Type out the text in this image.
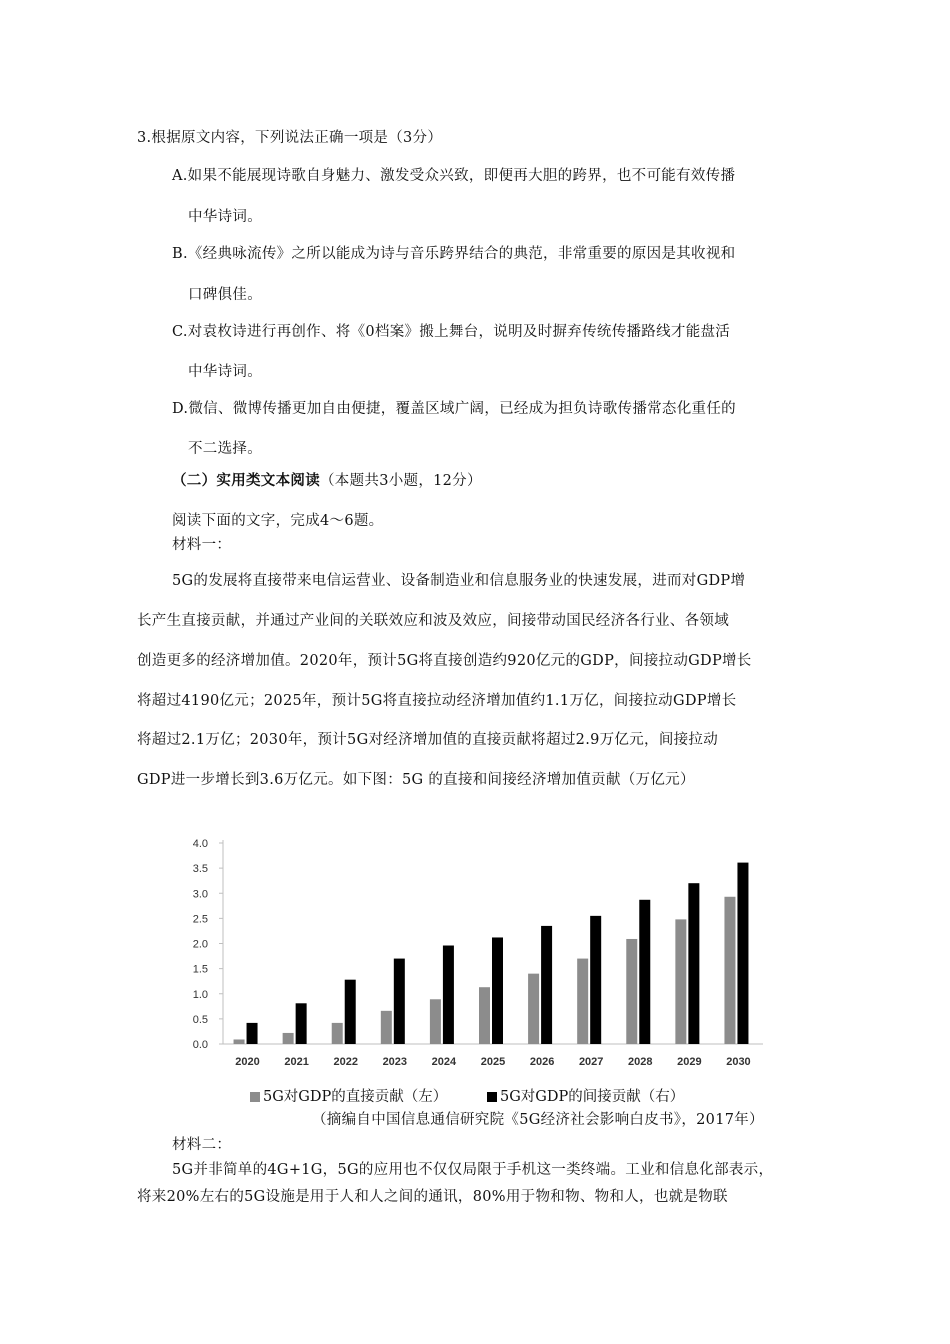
3.根据原文内容，下列说法正确一项是（3分）
A.如果不能展现诗歌自身魅力、激发受众兴致，即便再大胆的跨界，也不可能有效传播
中华诗词。
B.《经典咏流传》之所以能成为诗与音乐跨界结合的典范，非常重要的原因是其收视和
口碑俱佳。
C.对袁枚诗进行再创作、将《0档案》搬上舞台，说明及时摒弃传统传播路线才能盘活
中华诗词。
D.微信、微博传播更加自由便捷，覆盖区域广阔，已经成为担负诗歌传播常态化重任的
不二选择。
（二）实用类文本阅读（本题共3小题，12分）
阅读下面的文字，完成4～6题。
材料一：
5G的发展将直接带来电信运营业、设备制造业和信息服务业的快速发展，进而对GDP增
长产生直接贡献，并通过产业间的关联效应和波及效应，间接带动国民经济各行业、各领域
创造更多的经济增加值。2020年，预计5G将直接创造约920亿元的GDP，间接拉动GDP增长
将超过4190亿元；2025年，预计5G将直接拉动经济增加值约1.1万亿，间接拉动GDP增长
将超过2.1万亿；2030年，预计5G对经济增加值的直接贡献将超过2.9万亿元，间接拉动
GDP进一步增长到3.6万亿元。如下图：5G 的直接和间接经济增加值贡献（万亿元）
0.0
0.5
1.0
1.5
2.0
2.5
3.0
3.5
4.0
2020 2021 2022 2023 2024 2025 2026 2027 2028 2029 2030
5G对GDP的直接贡献（左）	5G对GDP的间接贡献（右）
（摘编自中国信息通信研究院《5G经济社会影响白皮书》，2017年）
材料二：
5G并非简单的4G+1G，5G的应用也不仅仅局限于手机这一类终端。工业和信息化部表示，
将来20%左右的5G设施是用于人和人之间的通讯，80%用于物和物、物和人，也就是物联
